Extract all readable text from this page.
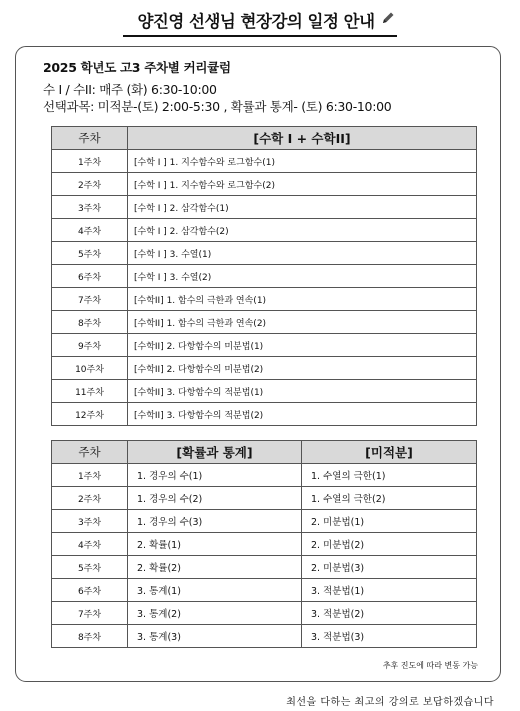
양진영 선생님 현장강의 일정 안내
2025 학년도 고3 주차별 커리큘럼
수 I / 수II: 매주 (화) 6:30-10:00
선택과목: 미적분-(토) 2:00-5:30 , 확률과 통계- (토) 6:30-10:00
주차	[수학 I + 수학II]
1주차	[수학 I ] 1. 지수함수와 로그함수(1)
2주차	[수학 I ] 1. 지수함수와 로그함수(2)
3주차	[수학 I ] 2. 삼각함수(1)
4주차	[수학 I ] 2. 삼각함수(2)
5주차	[수학 I ] 3. 수열(1)
6주차	[수학 I ] 3. 수열(2)
7주차	[수학II] 1. 함수의 극한과 연속(1)
8주차	[수학II] 1. 함수의 극한과 연속(2)
9주차	[수학II] 2. 다항함수의 미분법(1)
10주차	[수학II] 2. 다항함수의 미분법(2)
11주차	[수학II] 3. 다항함수의 적분법(1)
12주차	[수학II] 3. 다항함수의 적분법(2)
주차	[확률과 통계]	[미적분]
1주차	1. 경우의 수(1)	1. 수열의 극한(1)
2주차	1. 경우의 수(2)	1. 수열의 극한(2)
3주차	1. 경우의 수(3)	2. 미분법(1)
4주차	2. 확률(1)	2. 미분법(2)
5주차	2. 확률(2)	2. 미분법(3)
6주차	3. 통계(1)	3. 적분법(1)
7주차	3. 통계(2)	3. 적분법(2)
8주차	3. 통계(3)	3. 적분법(3)
추후 진도에 따라 변동 가능
최선을 다하는 최고의 강의로 보답하겠습니다
